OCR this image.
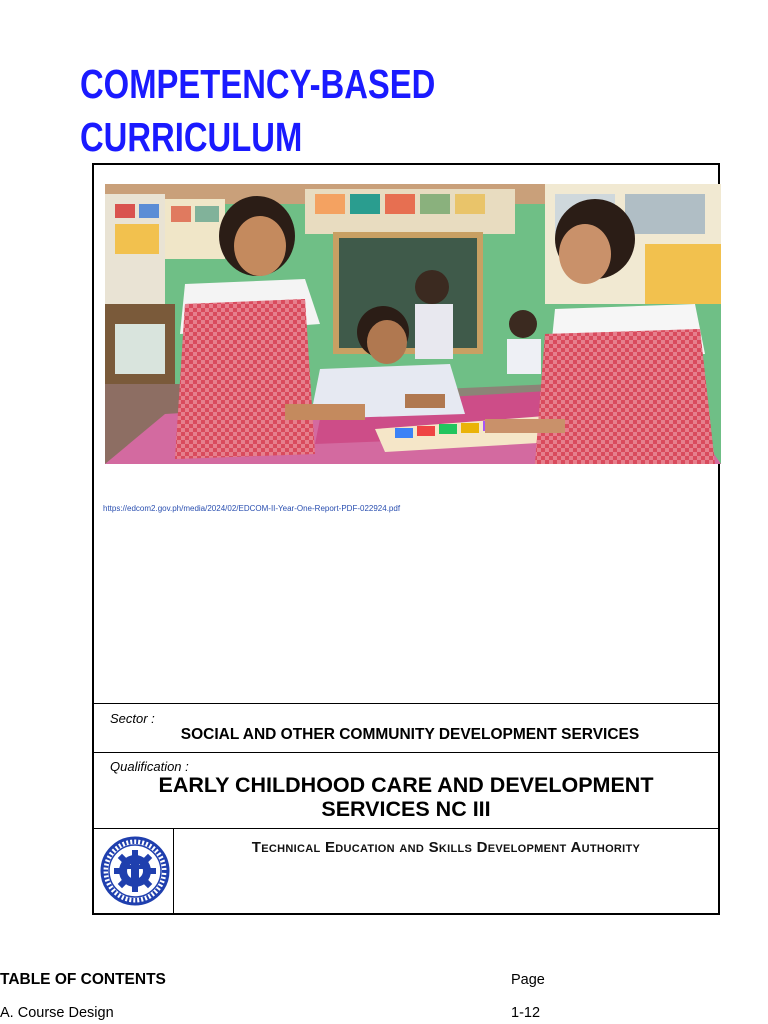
COMPETENCY-BASED
CURRICULUM
https://edcom2.gov.ph/media/2024/02/EDCOM-II-Year-One-Report-PDF-022924.pdf
Sector :
SOCIAL AND OTHER COMMUNITY DEVELOPMENT SERVICES
Qualification :
EARLY CHILDHOOD CARE AND DEVELOPMENT SERVICES NC III
Technical Education and Skills Development Authority
TABLE OF CONTENTS	Page
A. Course Design	1-12
